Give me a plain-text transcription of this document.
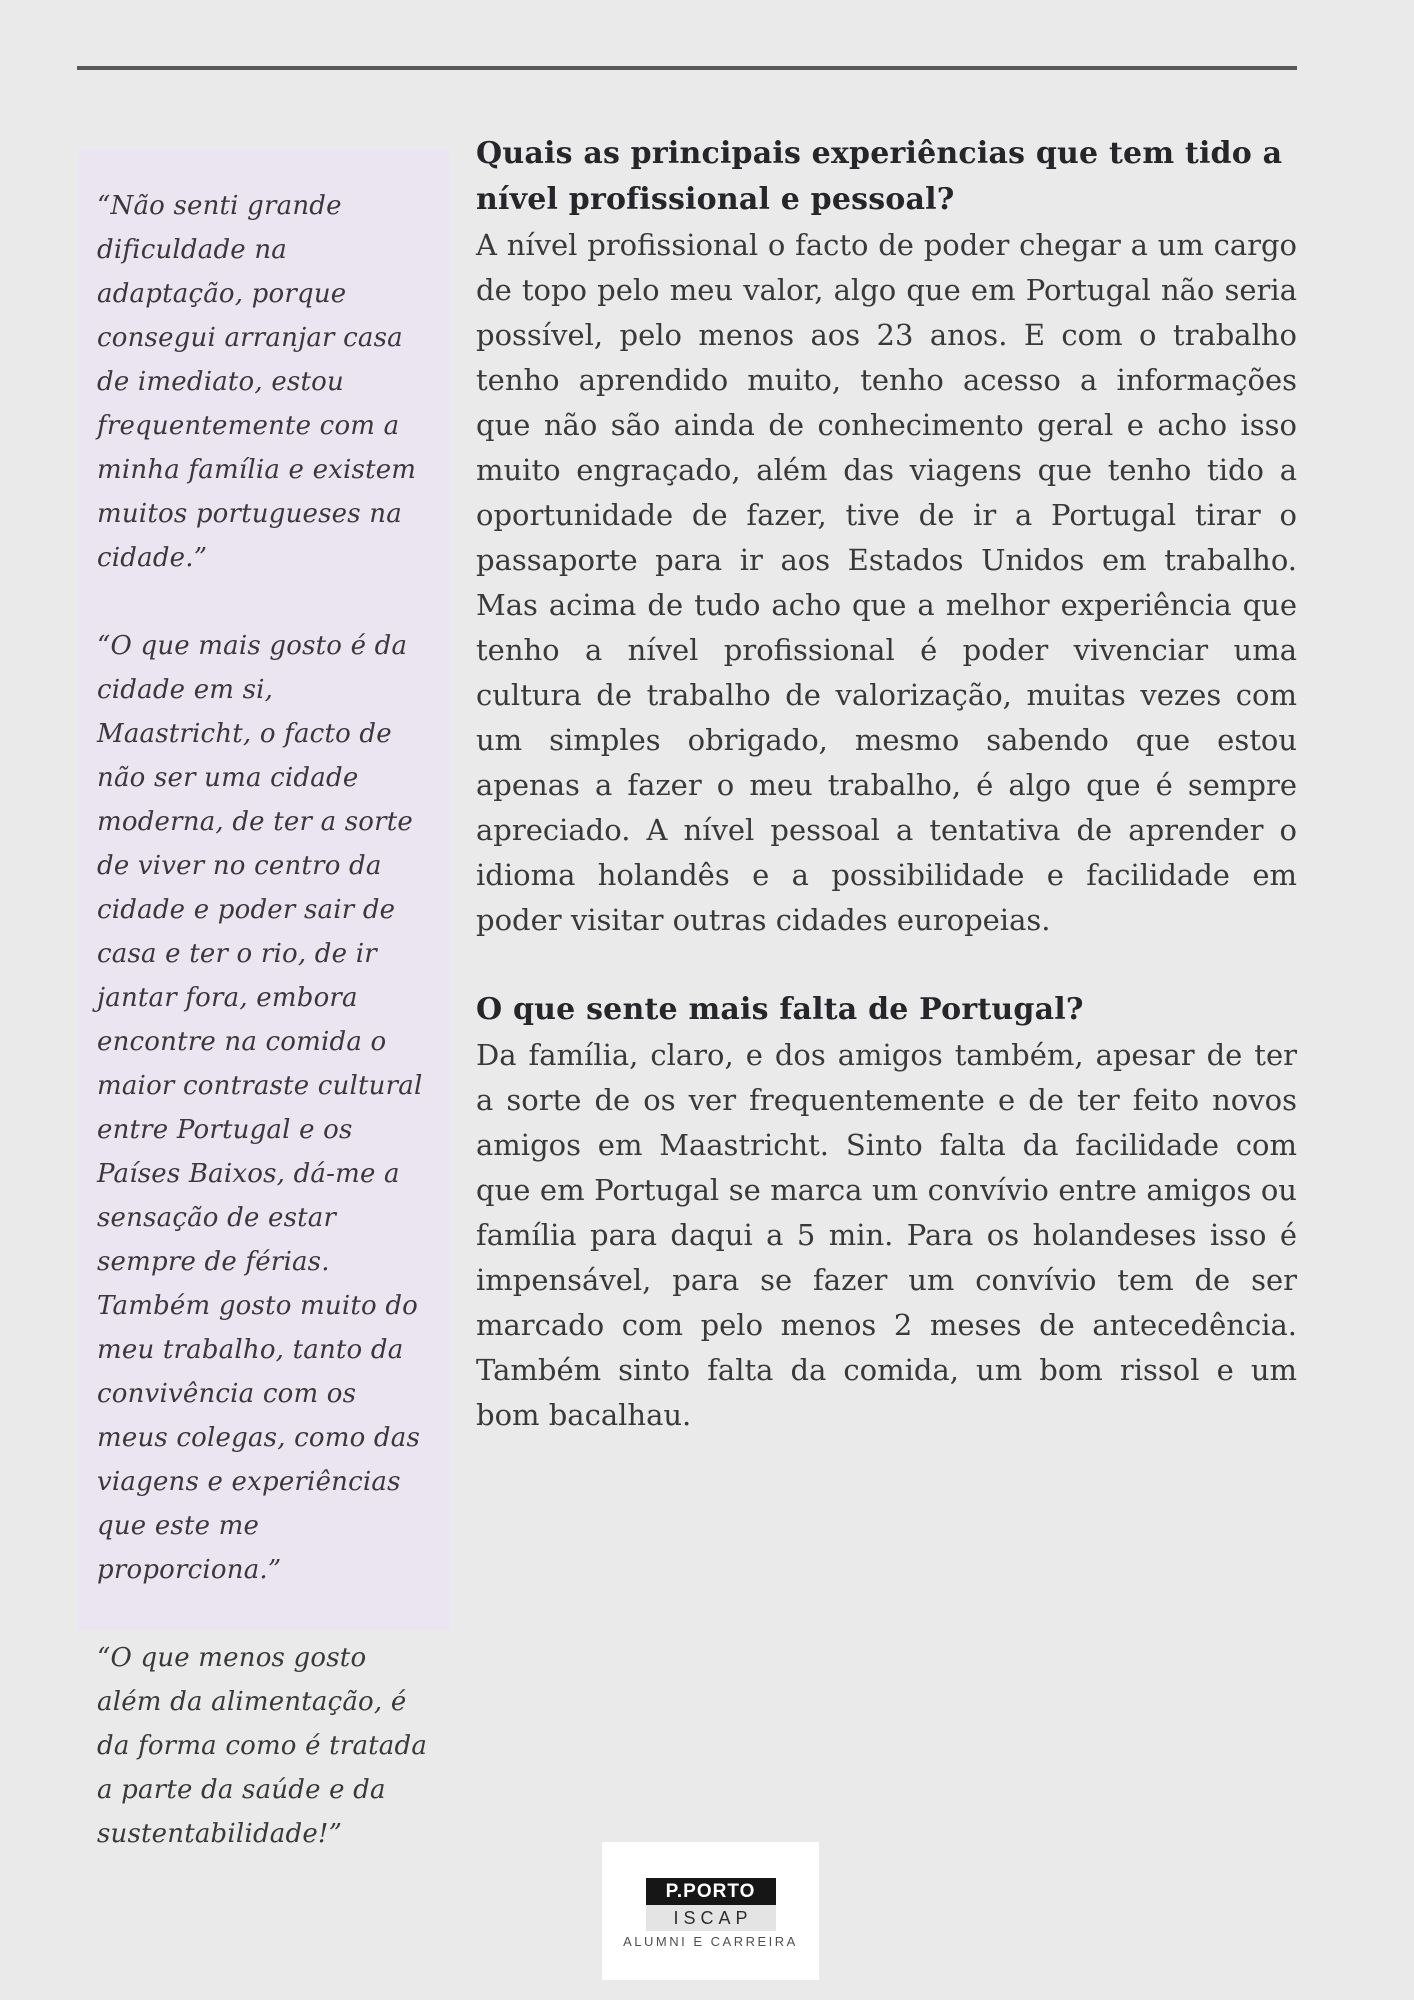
“Não senti grande dificuldade na adaptação, porque consegui arranjar casa de imediato, estou frequentemente com a minha família e existem muitos portugueses na cidade.”

“O que mais gosto é da cidade em si, Maastricht, o facto de não ser uma cidade moderna, de ter a sorte de viver no centro da cidade e poder sair de casa e ter o rio, de ir jantar fora, embora encontre na comida o maior contraste cultural entre Portugal e os Países Baixos, dá-me a sensação de estar sempre de férias. Também gosto muito do meu trabalho, tanto da convivência com os meus colegas, como das viagens e experiências que este me proporciona.”

“O que menos gosto além da alimentação, é da forma como é tratada a parte da saúde e da sustentabilidade!”

Quais as principais experiências que tem tido a nível profissional e pessoal?

A nível profissional o facto de poder chegar a um cargo de topo pelo meu valor, algo que em Portugal não seria possível, pelo menos aos 23 anos. E com o trabalho tenho aprendido muito, tenho acesso a informações que não são ainda de conhecimento geral e acho isso muito engraçado, além das viagens que tenho tido a oportunidade de fazer, tive de ir a Portugal tirar o passaporte para ir aos Estados Unidos em trabalho. Mas acima de tudo acho que a melhor experiência que tenho a nível profissional é poder vivenciar uma cultura de trabalho de valorização, muitas vezes com um simples obrigado, mesmo sabendo que estou apenas a fazer o meu trabalho, é algo que é sempre apreciado. A nível pessoal a tentativa de aprender o idioma holandês e a possibilidade e facilidade em poder visitar outras cidades europeias.

O que sente mais falta de Portugal?

Da família, claro, e dos amigos também, apesar de ter a sorte de os ver frequentemente e de ter feito novos amigos em Maastricht. Sinto falta da facilidade com que em Portugal se marca um convívio entre amigos ou família para daqui a 5 min. Para os holandeses isso é impensável, para se fazer um convívio tem de ser marcado com pelo menos 2 meses de antecedência. Também sinto falta da comida, um bom rissol e um bom bacalhau.

P.PORTO
ISCAP
ALUMNI E CARREIRA
